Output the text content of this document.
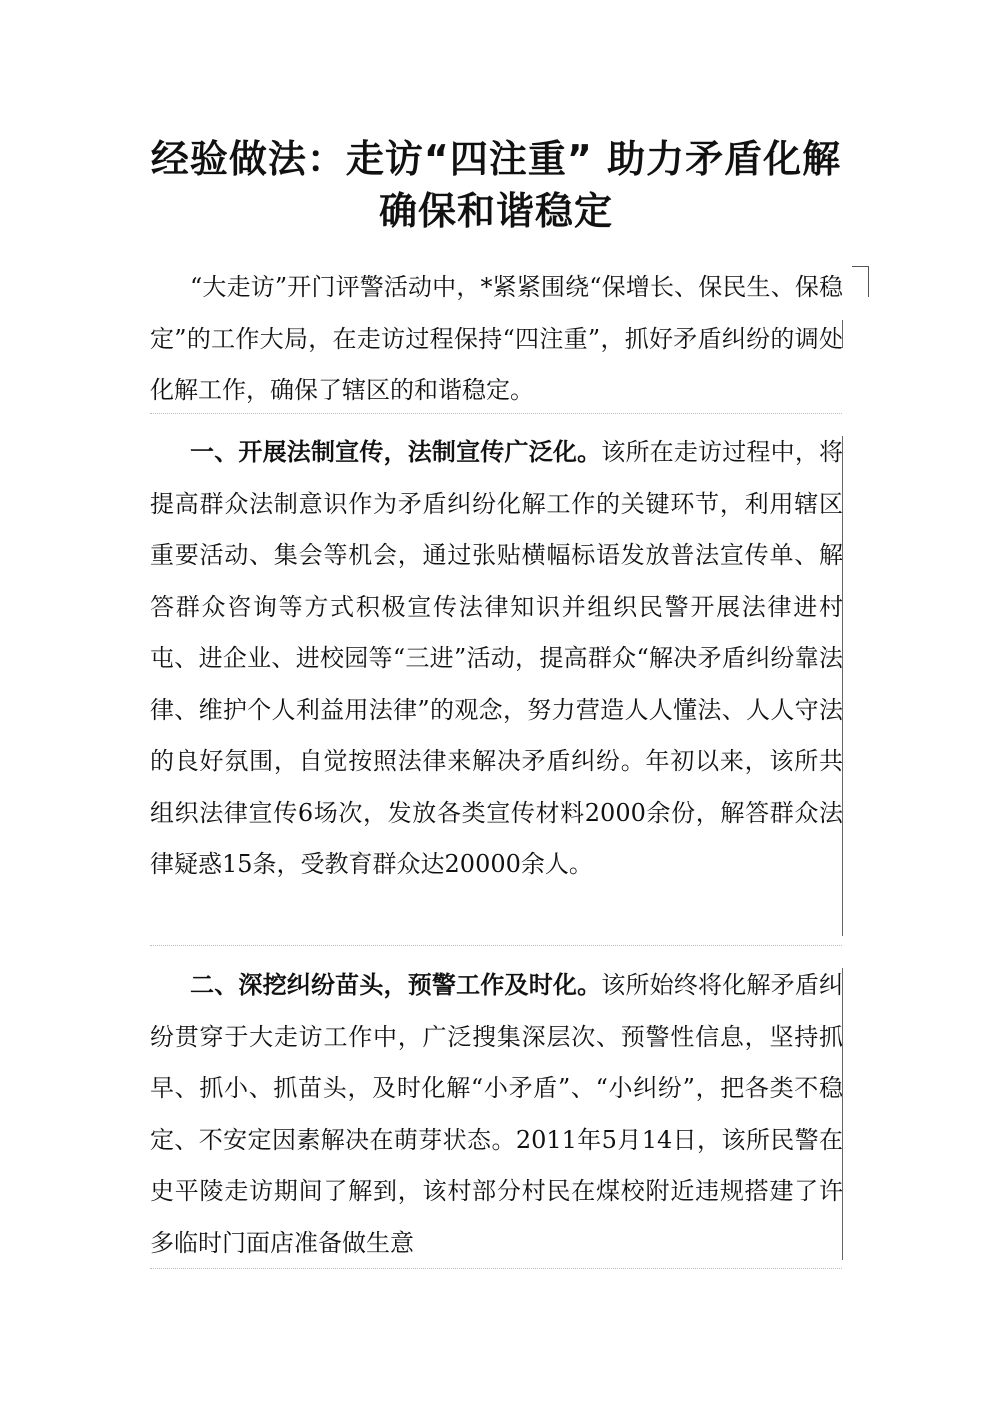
经验做法：走访“四注重” 助力矛盾化解
确保和谐稳定

“大走访”开门评警活动中，*紧紧围绕“保增长、保民生、保稳定”的工作大局，在走访过程保持“四注重”，抓好矛盾纠纷的调处化解工作，确保了辖区的和谐稳定。

一、开展法制宣传，法制宣传广泛化。该所在走访过程中，将提高群众法制意识作为矛盾纠纷化解工作的关键环节，利用辖区重要活动、集会等机会，通过张贴横幅标语发放普法宣传单、解答群众咨询等方式积极宣传法律知识并组织民警开展法律进村屯、进企业、进校园等“三进”活动，提高群众“解决矛盾纠纷靠法律、维护个人利益用法律”的观念，努力营造人人懂法、人人守法的良好氛围，自觉按照法律来解决矛盾纠纷。年初以来，该所共组织法律宣传6场次，发放各类宣传材料2000余份，解答群众法律疑惑15条，受教育群众达20000余人。

二、深挖纠纷苗头，预警工作及时化。该所始终将化解矛盾纠纷贯穿于大走访工作中，广泛搜集深层次、预警性信息，坚持抓早、抓小、抓苗头，及时化解“小矛盾”、“小纠纷”，把各类不稳定、不安定因素解决在萌芽状态。2011年5月14日，该所民警在史平陵走访期间了解到，该村部分村民在煤校附近违规搭建了许多临时门面店准备做生意
